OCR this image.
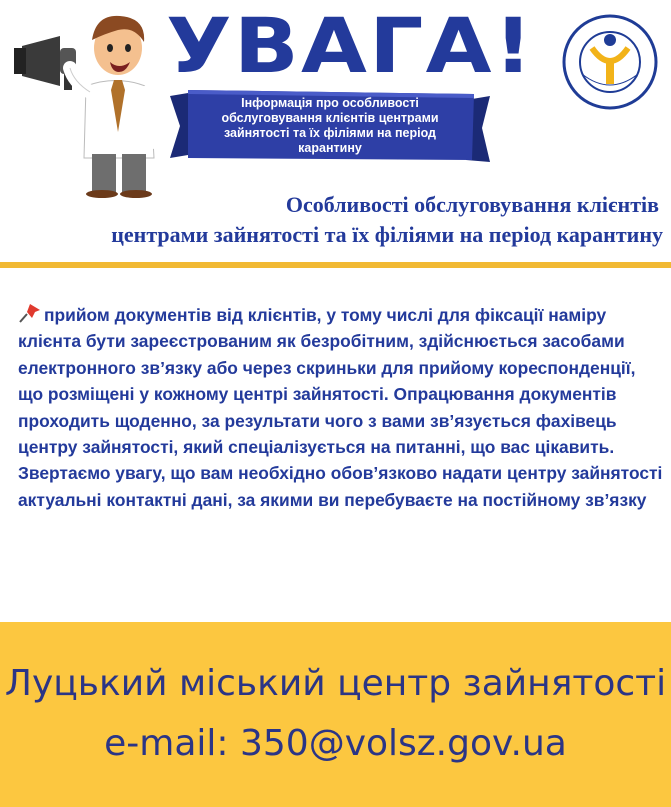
УВАГА!
Інформація про особливості обслуговування клієнтів центрами зайнятості та їх філіями на період карантину
Особливості обслуговування клієнтів
центрами зайнятості та їх філіями на період карантину
прийом документів від клієнтів, у тому числі для фіксації наміру клієнта бути зареєстрованим як безробітним, здійснюється засобами електронного зв’язку або через скриньки для прийому кореспонденції, що розміщені у кожному центрі зайнятості. Опрацювання документів проходить щоденно, за результати чого з вами зв’язується фахівець центру зайнятості, який спеціалізується на питанні, що вас цікавить. Звертаємо увагу, що вам необхідно обов’язково надати центру зайнятості актуальні контактні дані, за якими ви перебуваєте на постійному зв’язку
Луцький міський центр зайнятості
e-mail: 350@volsz.gov.ua
